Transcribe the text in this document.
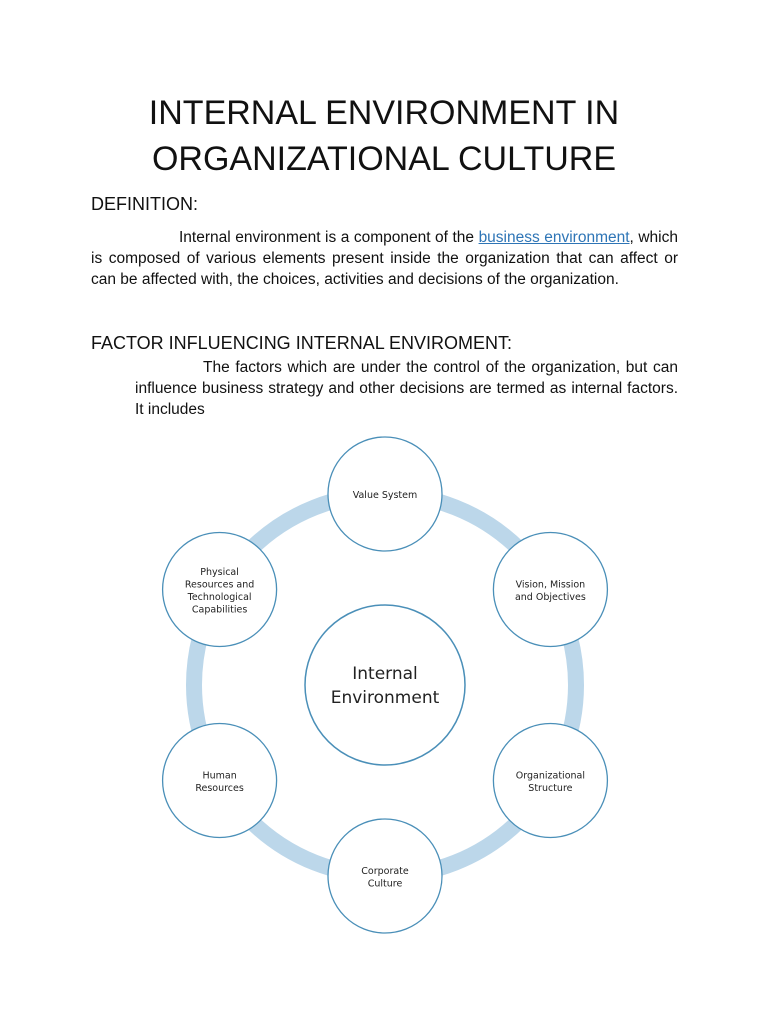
INTERNAL ENVIRONMENT IN
ORGANIZATIONAL CULTURE
DEFINITION:

Internal environment is a component of the business environment, which is composed of various elements present inside the organization that can affect or can be affected with, the choices, activities and decisions of the organization.

FACTOR INFLUENCING INTERNAL ENVIROMENT:

The factors which are under the control of the organization, but can influence business strategy and other decisions are termed as internal factors. It includes

Internal
Environment
Value System
Vision, Mission
and Objectives
Organizational
Structure
Corporate
Culture
Human
Resources
Physical
Resources and
Technological
Capabilities
